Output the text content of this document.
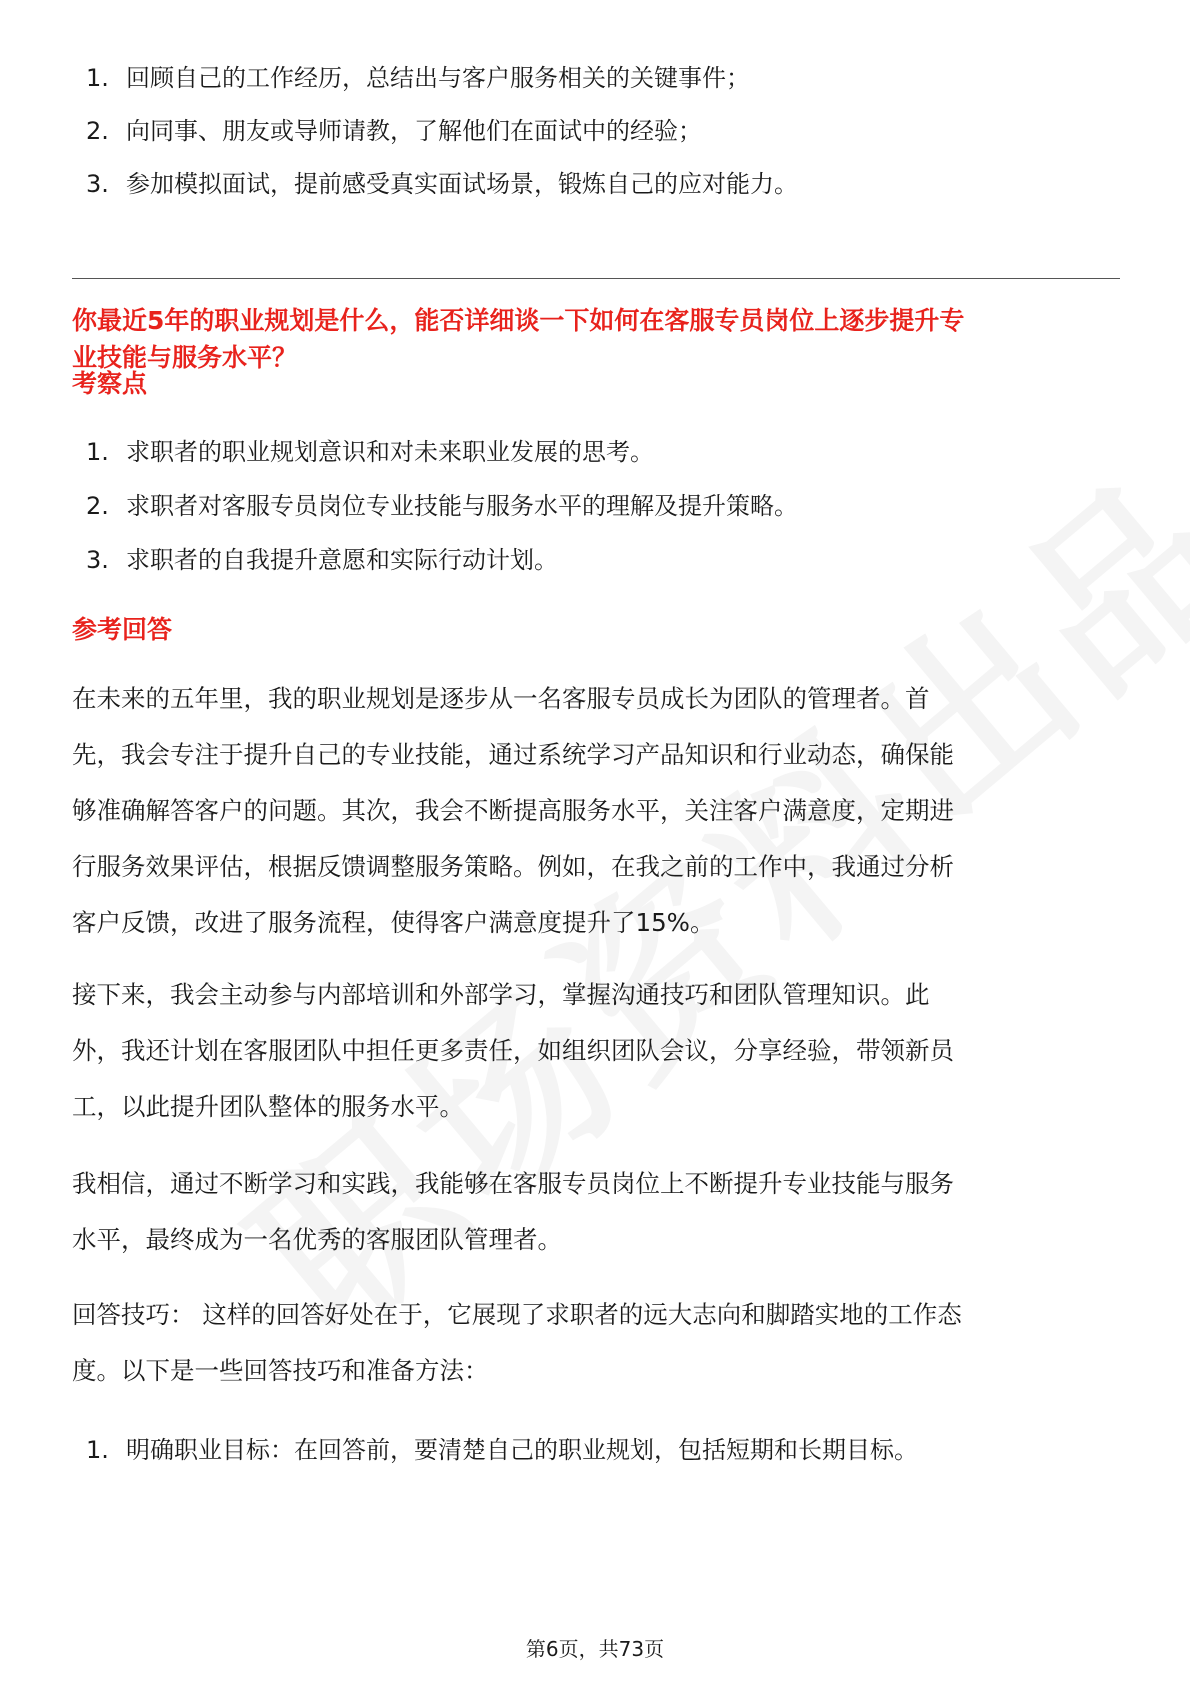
1. 回顾自己的工作经历，总结出与客户服务相关的关键事件；
2. 向同事、朋友或导师请教，了解他们在面试中的经验；
3. 参加模拟面试，提前感受真实面试场景，锻炼自己的应对能力。
你最近5年的职业规划是什么，能否详细谈一下如何在客服专员岗位上逐步提升专
业技能与服务水平？
考察点
1. 求职者的职业规划意识和对未来职业发展的思考。
2. 求职者对客服专员岗位专业技能与服务水平的理解及提升策略。
3. 求职者的自我提升意愿和实际行动计划。
参考回答
在未来的五年里，我的职业规划是逐步从一名客服专员成长为团队的管理者。首
先，我会专注于提升自己的专业技能，通过系统学习产品知识和行业动态，确保能
够准确解答客户的问题。其次，我会不断提高服务水平，关注客户满意度，定期进
行服务效果评估，根据反馈调整服务策略。例如，在我之前的工作中，我通过分析
客户反馈，改进了服务流程，使得客户满意度提升了15%。
接下来，我会主动参与内部培训和外部学习，掌握沟通技巧和团队管理知识。此
外，我还计划在客服团队中担任更多责任，如组织团队会议，分享经验，带领新员
工，以此提升团队整体的服务水平。
我相信，通过不断学习和实践，我能够在客服专员岗位上不断提升专业技能与服务
水平，最终成为一名优秀的客服团队管理者。
回答技巧： 这样的回答好处在于，它展现了求职者的远大志向和脚踏实地的工作态
度。以下是一些回答技巧和准备方法：
1. 明确职业目标：在回答前，要清楚自己的职业规划，包括短期和长期目标。
第6页，共73页
